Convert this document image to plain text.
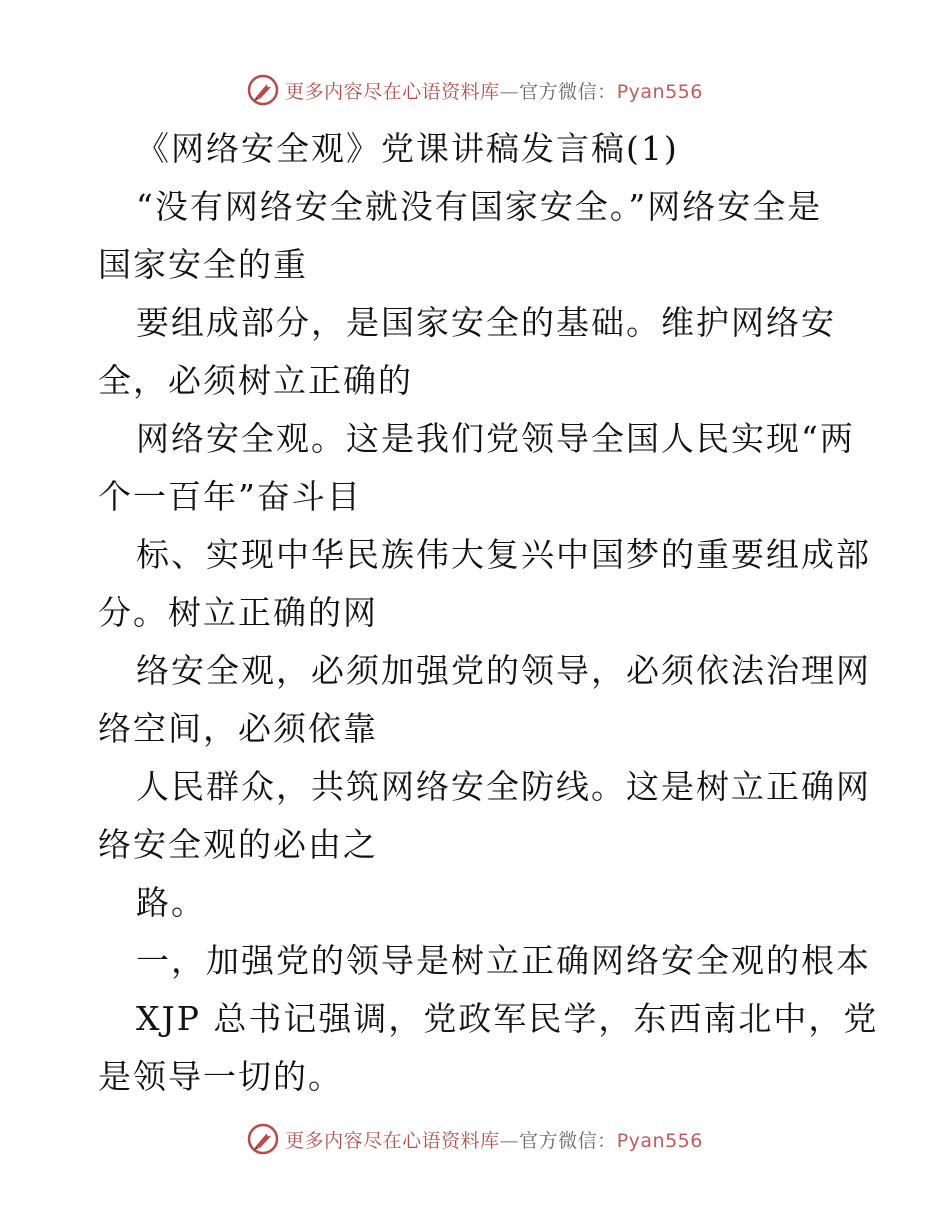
更多内容尽在心语资料库—官方微信：Pyan556
《网络安全观》党课讲稿发言稿(1)
“没有网络安全就没有国家安全。”网络安全是
国家安全的重
要组成部分，是国家安全的基础。维护网络安
全，必须树立正确的
网络安全观。这是我们党领导全国人民实现“两
个一百年”奋斗目
标、实现中华民族伟大复兴中国梦的重要组成部
分。树立正确的网
络安全观，必须加强党的领导，必须依法治理网
络空间，必须依靠
人民群众，共筑网络安全防线。这是树立正确网
络安全观的必由之
路。
一，加强党的领导是树立正确网络安全观的根本
XJP 总书记强调，党政军民学，东西南北中，党
是领导一切的。
更多内容尽在心语资料库—官方微信：Pyan556
